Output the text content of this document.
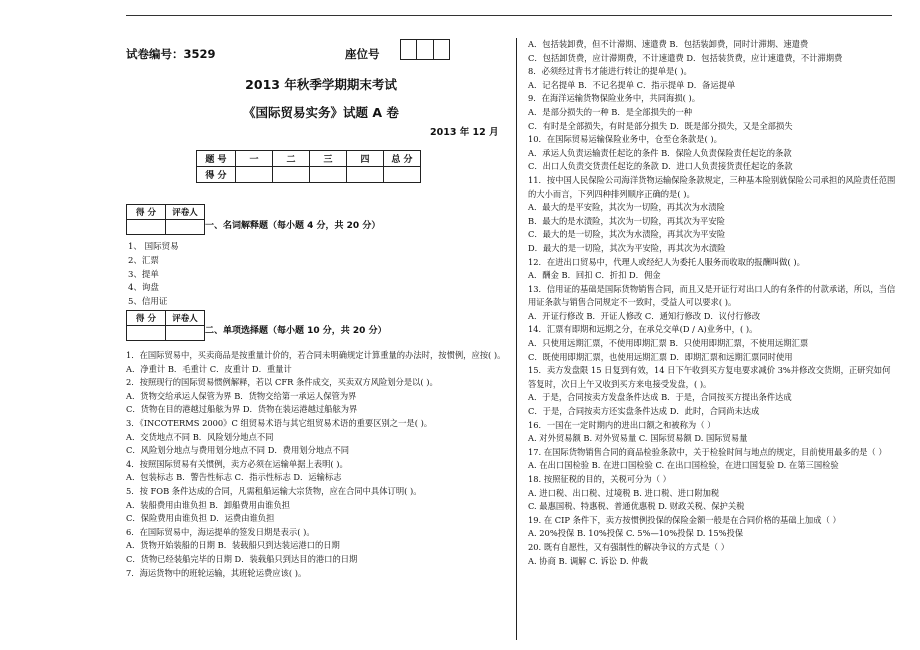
试卷编号：3529	座位号
2013 年秋季学期期末考试
《国际贸易实务》试题 A 卷
2013 年 12 月
题 号	一	二	三	四	总 分
得 分					
得 分	评卷人

一、名词解释题（每小题 4 分，共 20 分）
1、 国际贸易
2、汇票
3、提单
4、询盘
5、信用证
得 分	评卷人

二、单项选择题（每小题 10 分，共 20 分）
1．在国际贸易中，买卖商品是按重量计价的，若合同未明确规定计算重量的办法时，按惯例，应按( )。
A．净重计 B．毛重计 C．皮重计 D．重量计
2．按照现行的国际贸易惯例解释，若以 CFR 条件成交，买卖双方风险划分是以( )。
A．货物交给承运人保管为界 B．货物交给第一承运人保管为界
C．货物在目的港越过船舷为界 D．货物在装运港越过船舷为界
3．《INCOTERMS 2000》C 组贸易术语与其它组贸易术语的重要区别之一是( )。
A．交货地点不同 B．风险划分地点不同
C．风险划分地点与费用划分地点不同 D．费用划分地点不同
4．按照国际贸易有关惯例，卖方必须在运输单据上表明( )。
A．包装标志 B．警告性标志 C．指示性标志 D．运输标志
5．按 FOB 条件达成的合同，凡需租船运输大宗货物，应在合同中具体订明( )。
A．装船费用由谁负担 B．卸船费用由谁负担
C．保险费用由谁负担 D．运费由谁负担
6．在国际贸易中，海运提单的签发日期是表示( )。
A．货物开始装船的日期 B．装载船只到达装运港口的日期
C．货物已经装船完毕的日期 D．装载船只到达目的港口的日期
7．海运货物中的班轮运输，其班轮运费应该( )。
A．包括装卸费，但不计滞期、速遣费 B．包括装卸费，同时计滞期、速遣费
C．包括卸货费，应计滞期费，不计速遣费 D．包括装货费，应计速遣费，不计滞期费
8．必须经过背书才能进行转让的提单是( )。
A．记名提单 B．不记名提单 C．指示提单 D．备运提单
9．在海洋运输货物保险业务中，共同海损( )。
A．是部分损失的一种 B．是全部损失的一种
C．有时是全部损失，有时是部分损失 D．既是部分损失，又是全部损失
10．在国际贸易运输保险业务中，仓至仓条款是( )。
A．承运人负责运输责任起讫的条件 B．保险人负责保险责任起讫的条款
C．出口人负责交货责任起讫的条款 D．进口人负责接货责任起讫的条款
11．按中国人民保险公司海洋货物运输保险条款规定，三种基本险别就保险公司承担的风险责任范围的大小而言，下列四种排列顺序正确的是( )。
A．最大的是平安险，其次为一切险，再其次为水渍险
B．最大的是水渍险，其次为一切险，再其次为平安险
C．最大的是一切险，其次为水渍险，再其次为平安险
D．最大的是一切险，其次为平安险，再其次为水渍险
12．在进出口贸易中，代理人或经纪人为委托人服务而收取的报酬叫做( )。
A．酬金 B．回扣 C．折扣 D．佣金
13．信用证的基础是国际货物销售合同，而且又是开证行对出口人的有条件的付款承诺，所以，当信用证条款与销售合同规定不一致时，受益人可以要求( )。
A．开证行修改 B．开证人修改 C．通知行修改 D．议付行修改
14．汇票有即期和远期之分，在承兑交单(D / A)业务中，( )。
A．只使用远期汇票，不使用即期汇票 B．只使用即期汇票，不使用远期汇票
C．既使用即期汇票，也使用远期汇票 D．即期汇票和远期汇票同时使用
15．卖方发盘限 15 日复到有效，14 日下午收到买方复电要求减价 3%并修改交货期，正研究如何答复时，次日上午又收到买方来电接受发盘，( )。
A．于是，合同按卖方发盘条件达成 B．于是，合同按买方提出条件达成
C．于是，合同按卖方还实盘条件达成 D．此时，合同尚未达成
16．一国在一定时期内的进出口额之和被称为（ ）
A. 对外贸易额 B. 对外贸易量 C. 国际贸易额 D. 国际贸易量
17. 在国际货物销售合同的商品检验条款中，关于检验时间与地点的规定，目前使用最多的是（ ）
A. 在出口国检验 B. 在进口国检验 C. 在出口国检验，在进口国复验 D. 在第三国检验
18. 按照征税的目的，关税可分为（ ）
A. 进口税、出口税、过境税 B. 进口税、进口附加税
C. 最惠国税、特惠税、普通优惠税 D. 财政关税、保护关税
19. 在 CIP 条件下，卖方按惯例投保的保险金额一般是在合同价格的基础上加成（ ）
A. 20%投保 B. 10%投保 C. 5%—10%投保 D. 15%投保
20. 既有自愿性，又有强制性的解决争议的方式是（ ）
A. 协商 B. 调解 C. 诉讼 D. 仲裁
